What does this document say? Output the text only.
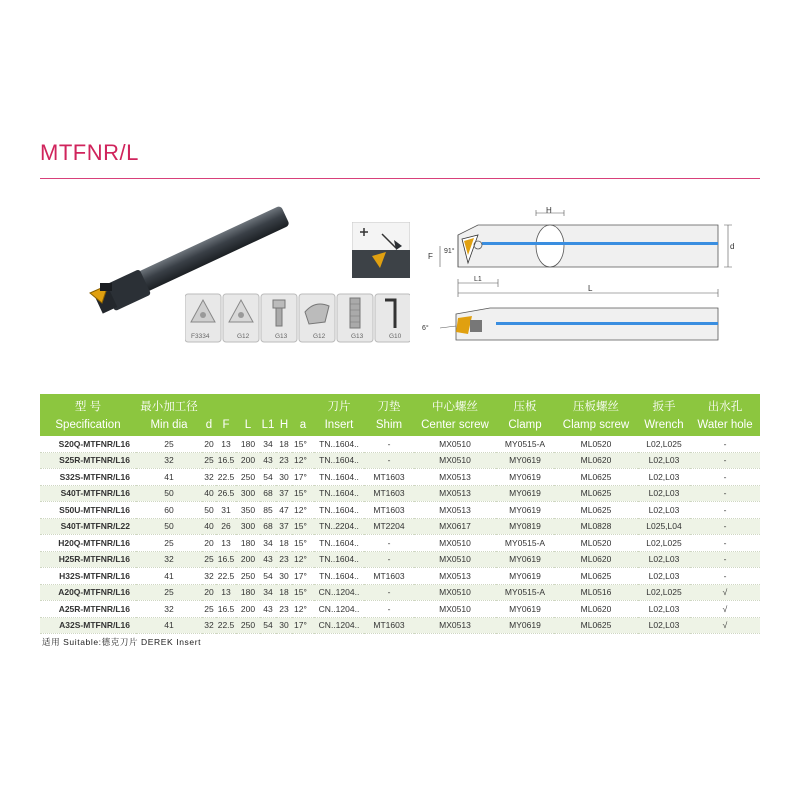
MTFNR/L
H
d
F
91°
L1
L
6°
F3334	G12	G13	G12	G13	G10
型 号	最小加工径							刀片	刀垫	中心螺丝	压板	压板螺丝	扳手	出水孔
Specification	Min dia	d	F	L	L1	H	a	Insert	Shim	Center screw	Clamp	Clamp screw	Wrench	Water hole
S20Q-MTFNR/L16	25	20	13	180	34	18	15°	TN..1604..	-	MX0510	MY0515-A	ML0520	L02,L025	-
S25R-MTFNR/L16	32	25	16.5	200	43	23	12°	TN..1604..	-	MX0510	MY0619	ML0620	L02,L03	-
S32S-MTFNR/L16	41	32	22.5	250	54	30	17°	TN..1604..	MT1603	MX0513	MY0619	ML0625	L02,L03	-
S40T-MTFNR/L16	50	40	26.5	300	68	37	15°	TN..1604..	MT1603	MX0513	MY0619	ML0625	L02,L03	-
S50U-MTFNR/L16	60	50	31	350	85	47	12°	TN..1604..	MT1603	MX0513	MY0619	ML0625	L02,L03	-
S40T-MTFNR/L22	50	40	26	300	68	37	15°	TN..2204..	MT2204	MX0617	MY0819	ML0828	L025,L04	-
H20Q-MTFNR/L16	25	20	13	180	34	18	15°	TN..1604..	-	MX0510	MY0515-A	ML0520	L02,L025	-
H25R-MTFNR/L16	32	25	16.5	200	43	23	12°	TN..1604..	-	MX0510	MY0619	ML0620	L02,L03	-
H32S-MTFNR/L16	41	32	22.5	250	54	30	17°	TN..1604..	MT1603	MX0513	MY0619	ML0625	L02,L03	-
A20Q-MTFNR/L16	25	20	13	180	34	18	15°	CN..1204..	-	MX0510	MY0515-A	ML0516	L02,L025	√
A25R-MTFNR/L16	32	25	16.5	200	43	23	12°	CN..1204..	-	MX0510	MY0619	ML0620	L02,L03	√
A32S-MTFNR/L16	41	32	22.5	250	54	30	17°	CN..1204..	MT1603	MX0513	MY0619	ML0625	L02,L03	√
适用 Suitable:德克刀片 DEREK Insert
